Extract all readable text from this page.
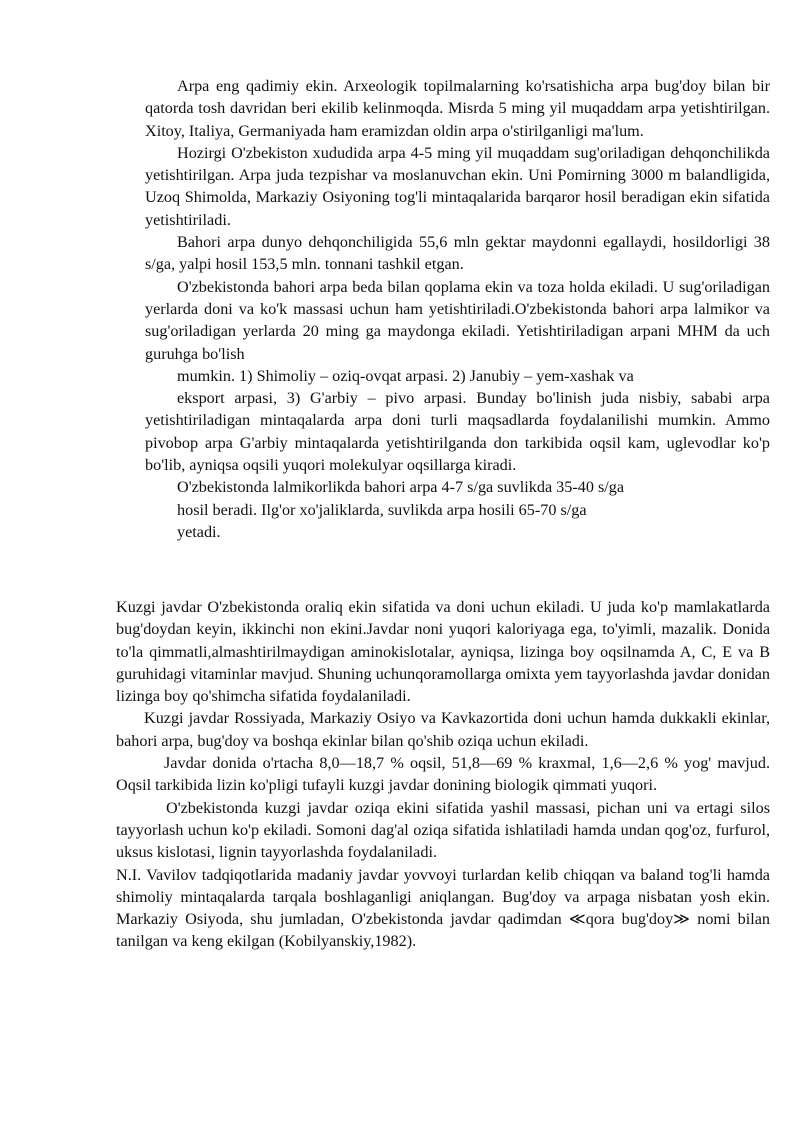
Arpa eng qadimiy ekin. Arxeologik topilmalarning ko'rsatishicha arpa bug'doy bilan bir qatorda tosh davridan beri ekilib kelinmoqda. Misrda 5 ming yil muqaddam arpa yetishtirilgan. Xitoy, Italiya, Germaniyada ham eramizdan oldin arpa o'stirilganligi ma'lum.

Hozirgi O'zbekiston xududida arpa 4-5 ming yil muqaddam sug'oriladigan dehqonchilikda yetishtirilgan. Arpa juda tezpishar va moslanuvchan ekin. Uni Pomirning 3000 m balandligida, Uzoq Shimolda, Markaziy Osiyoning tog'li mintaqalarida barqaror hosil beradigan ekin sifatida yetishtiriladi.

Bahori arpa dunyo dehqonchiligida 55,6 mln gektar maydonni egallaydi, hosildorligi 38 s/ga, yalpi hosil 153,5 mln. tonnani tashkil etgan.

O'zbekistonda bahori arpa beda bilan qoplama ekin va toza holda ekiladi. U sug'oriladigan yerlarda doni va ko'k massasi uchun ham yetishtiriladi.O'zbekistonda bahori arpa lalmikor va sug'oriladigan yerlarda 20 ming ga maydonga ekiladi. Yetishtiriladigan arpani MHM da uch guruhga bo'lish

mumkin. 1) Shimoliy – oziq-ovqat arpasi. 2) Janubiy – yem-xashak va

eksport arpasi, 3) G'arbiy – pivo arpasi. Bunday bo'linish juda nisbiy, sababi arpa yetishtiriladigan mintaqalarda arpa doni turli maqsadlarda foydalanilishi mumkin. Ammo pivobop arpa G'arbiy mintaqalarda yetishtirilganda don tarkibida oqsil kam, uglevodlar ko'p bo'lib, ayniqsa oqsili yuqori molekulyar oqsillarga kiradi.

O'zbekistonda lalmikorlikda bahori arpa 4-7 s/ga suvlikda 35-40 s/ga

hosil beradi. Ilg'or xo'jaliklarda, suvlikda arpa hosili 65-70 s/ga

yetadi.

Kuzgi javdar O'zbekistonda oraliq ekin sifatida va doni uchun ekiladi. U juda ko'p mamlakatlarda bug'doydan keyin, ikkinchi non ekini.Javdar noni yuqori kaloriyaga ega, to'yimli, mazalik. Donida to'la qimmatli,almashtirilmaydigan aminokislotalar, ayniqsa, lizinga boy oqsilnamda A, C, E va B guruhidagi vitaminlar mavjud. Shuning uchunqoramollarga omixta yem tayyorlashda javdar donidan lizinga boy qo'shimcha sifatida foydalaniladi.

Kuzgi javdar Rossiyada, Markaziy Osiyo va Kavkazortida doni uchun hamda dukkakli ekinlar, bahori arpa, bug'doy va boshqa ekinlar bilan qo'shib oziqa uchun ekiladi.

Javdar donida o'rtacha 8,0—18,7 % oqsil, 51,8—69 % kraxmal, 1,6—2,6 % yog' mavjud. Oqsil tarkibida lizin ko'pligi tufayli kuzgi javdar donining biologik qimmati yuqori.

O'zbekistonda kuzgi javdar oziqa ekini sifatida yashil massasi, pichan uni va ertagi silos tayyorlash uchun ko'p ekiladi. Somoni dag'al oziqa sifatida ishlatiladi hamda undan qog'oz, furfurol, uksus kislotasi, lignin tayyorlashda foydalaniladi.

N.I. Vavilov tadqiqotlarida madaniy javdar yovvoyi turlardan kelib chiqqan va baland tog'li hamda shimoliy mintaqalarda tarqala boshlaganligi aniqlangan. Bug'doy va arpaga nisbatan yosh ekin. Markaziy Osiyoda, shu jumladan, O'zbekistonda javdar qadimdan ≪qora bug'doy≫ nomi bilan tanilgan va keng ekilgan (Kobilyanskiy,1982).
